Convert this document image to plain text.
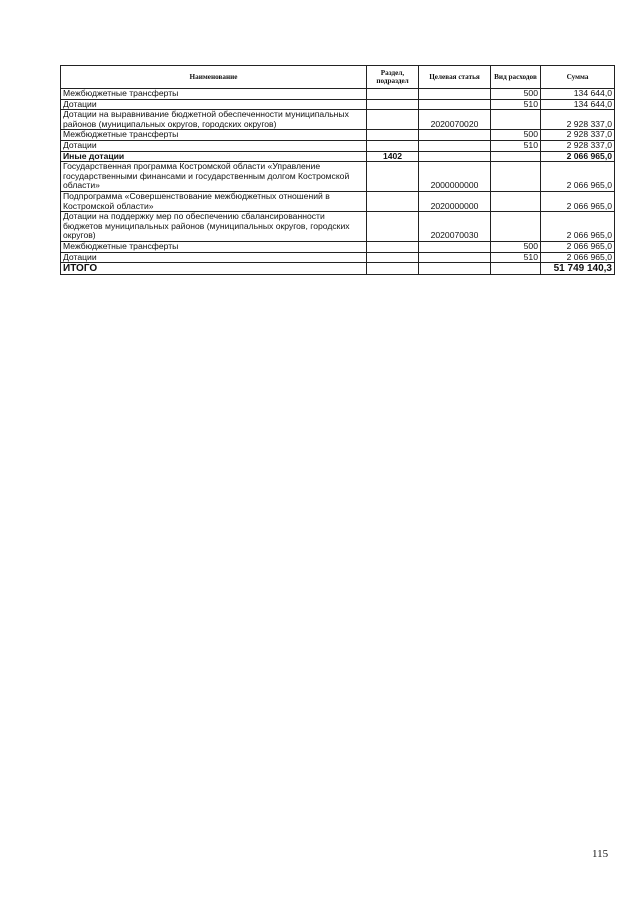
Наименование	Раздел, подраздел	Целевая статья	Вид расходов	Сумма
Межбюджетные трансферты			500	134 644,0
Дотации			510	134 644,0
Дотации на выравнивание бюджетной обеспеченности муниципальных районов (муниципальных округов, городских округов)		2020070020		2 928 337,0
Межбюджетные трансферты			500	2 928 337,0
Дотации			510	2 928 337,0
Иные дотации	1402			2 066 965,0
Государственная программа Костромской области «Управление государственными финансами и государственным долгом Костромской области»		2000000000		2 066 965,0
Подпрограмма «Совершенствование межбюджетных отношений в Костромской области»		2020000000		2 066 965,0
Дотации на поддержку мер по обеспечению сбалансированности бюджетов муниципальных районов (муниципальных округов, городских округов)		2020070030		2 066 965,0
Межбюджетные трансферты			500	2 066 965,0
Дотации			510	2 066 965,0
ИТОГО				51 749 140,3
115
